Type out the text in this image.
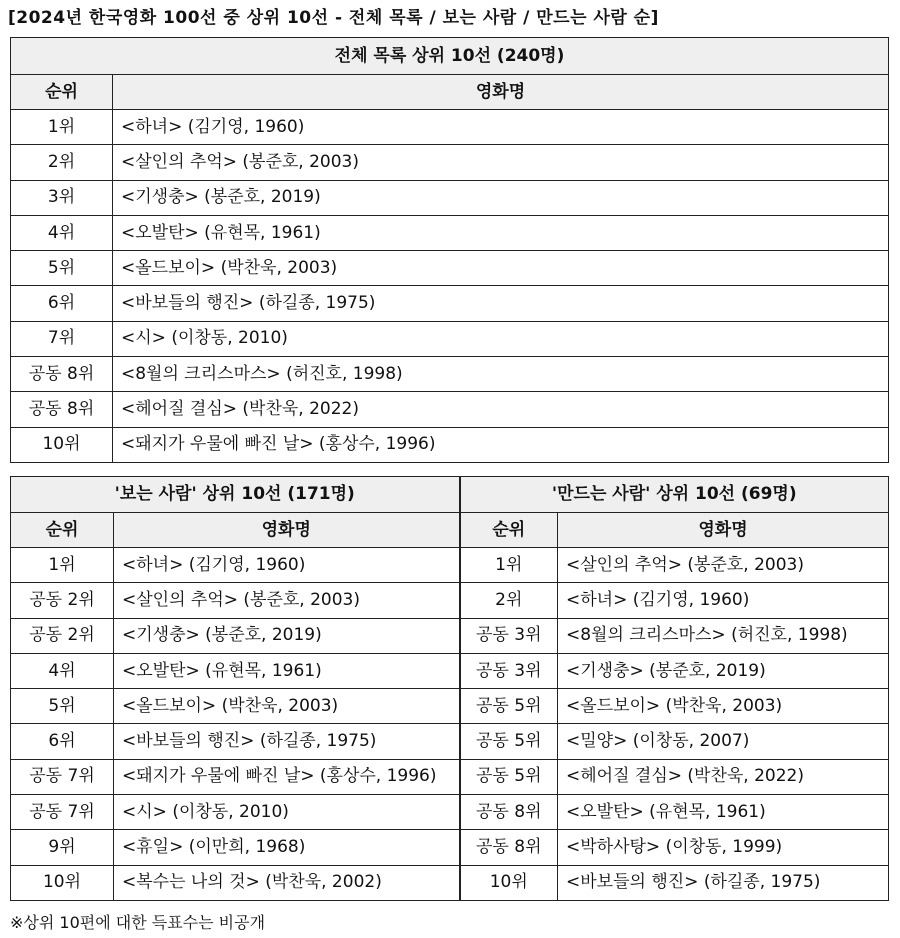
[2024년 한국영화 100선 중 상위 10선 - 전체 목록 / 보는 사람 / 만드는 사람 순]
전체 목록 상위 10선 (240명)	
순위	영화명
1위	<하녀> (김기영, 1960)
2위	<살인의 추억> (봉준호, 2003)
3위	<기생충> (봉준호, 2019)
4위	<오발탄> (유현목, 1961)
5위	<올드보이> (박찬욱, 2003)
6위	<바보들의 행진> (하길종, 1975)
7위	<시> (이창동, 2010)
공동 8위	<8월의 크리스마스> (허진호, 1998)
공동 8위	<헤어질 결심> (박찬욱, 2022)
10위	<돼지가 우물에 빠진 날> (홍상수, 1996)
'보는 사람' 상위 10선 (171명)		'만드는 사람' 상위 10선 (69명)	
순위	영화명	순위	영화명
1위	<하녀> (김기영, 1960)	1위	<살인의 추억> (봉준호, 2003)
공동 2위	<살인의 추억> (봉준호, 2003)	2위	<하녀> (김기영, 1960)
공동 2위	<기생충> (봉준호, 2019)	공동 3위	<8월의 크리스마스> (허진호, 1998)
4위	<오발탄> (유현목, 1961)	공동 3위	<기생충> (봉준호, 2019)
5위	<올드보이> (박찬욱, 2003)	공동 5위	<올드보이> (박찬욱, 2003)
6위	<바보들의 행진> (하길종, 1975)	공동 5위	<밀양> (이창동, 2007)
공동 7위	<돼지가 우물에 빠진 날> (홍상수, 1996)	공동 5위	<헤어질 결심> (박찬욱, 2022)
공동 7위	<시> (이창동, 2010)	공동 8위	<오발탄> (유현목, 1961)
9위	<휴일> (이만희, 1968)	공동 8위	<박하사탕> (이창동, 1999)
10위	<복수는 나의 것> (박찬욱, 2002)	10위	<바보들의 행진> (하길종, 1975)
※상위 10편에 대한 득표수는 비공개
